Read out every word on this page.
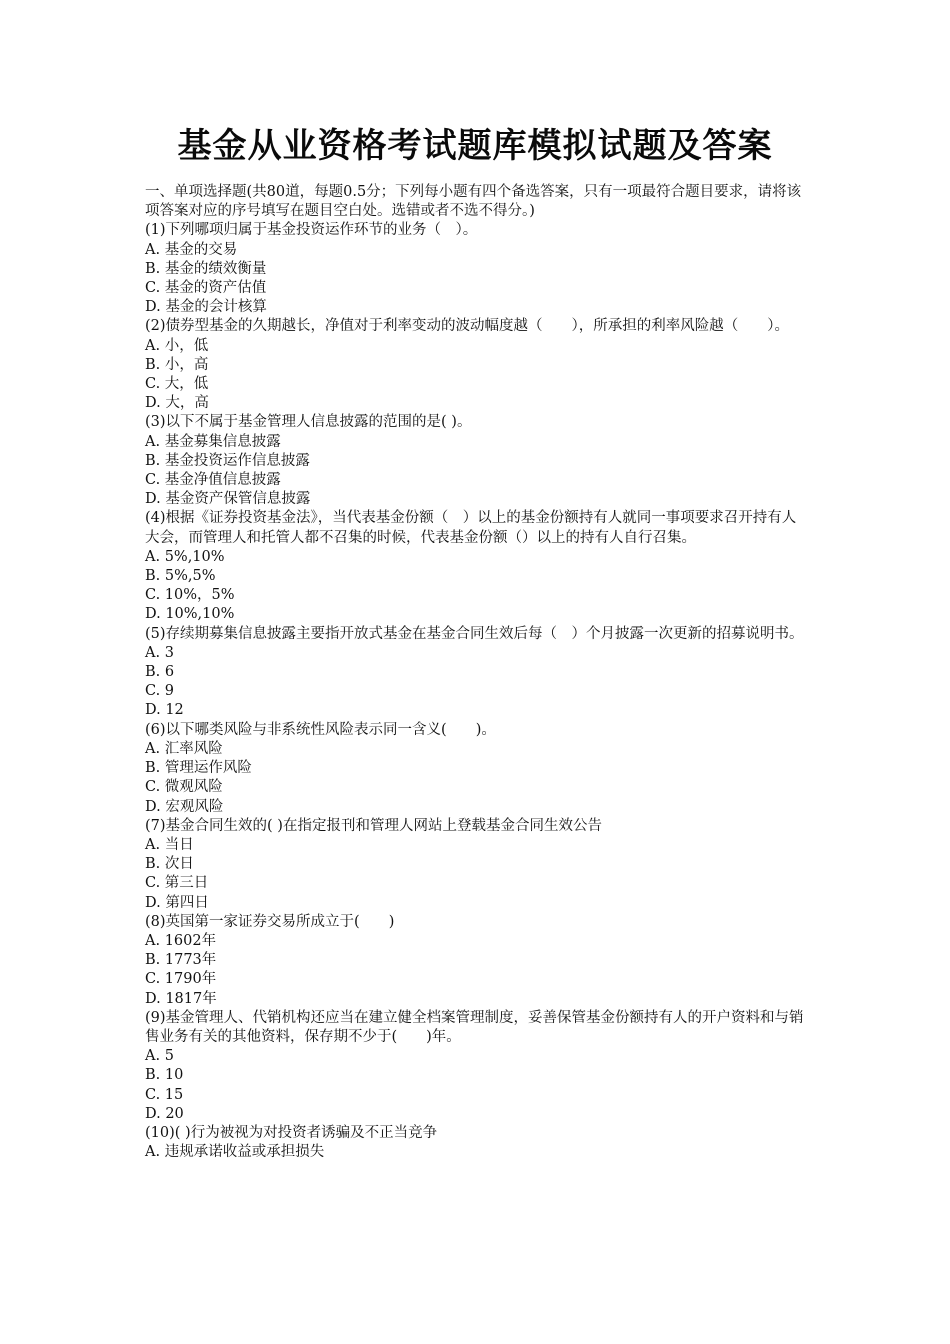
基金从业资格考试题库模拟试题及答案
一、单项选择题(共80道，每题0.5分；下列每小题有四个备选答案，只有一项最符合题目要求，请将该项答案对应的序号填写在题目空白处。选错或者不选不得分。)
(1)下列哪项归属于基金投资运作环节的业务（　）。
A. 基金的交易
B. 基金的绩效衡量
C. 基金的资产估值
D. 基金的会计核算
(2)债券型基金的久期越长，净值对于利率变动的波动幅度越（　　），所承担的利率风险越（　　）。
A. 小，低
B. 小，高
C. 大，低
D. 大，高
(3)以下不属于基金管理人信息披露的范围的是( )。
A. 基金募集信息披露
B. 基金投资运作信息披露
C. 基金净值信息披露
D. 基金资产保管信息披露
(4)根据《证券投资基金法》，当代表基金份额（　）以上的基金份额持有人就同一事项要求召开持有人大会，而管理人和托管人都不召集的时候，代表基金份额（）以上的持有人自行召集。
A. 5%,10%
B. 5%,5%
C. 10%，5%
D. 10%,10%
(5)存续期募集信息披露主要指开放式基金在基金合同生效后每（　）个月披露一次更新的招募说明书。
A. 3
B. 6
C. 9
D. 12
(6)以下哪类风险与非系统性风险表示同一含义(　　)。
A. 汇率风险
B. 管理运作风险
C. 微观风险
D. 宏观风险
(7)基金合同生效的( )在指定报刊和管理人网站上登载基金合同生效公告
A. 当日
B. 次日
C. 第三日
D. 第四日
(8)英国第一家证券交易所成立于(　　)
A. 1602年
B. 1773年
C. 1790年
D. 1817年
(9)基金管理人、代销机构还应当在建立健全档案管理制度，妥善保管基金份额持有人的开户资料和与销售业务有关的其他资料，保存期不少于(　　)年。
A. 5
B. 10
C. 15
D. 20
(10)( )行为被视为对投资者诱骗及不正当竞争
A. 违规承诺收益或承担损失
